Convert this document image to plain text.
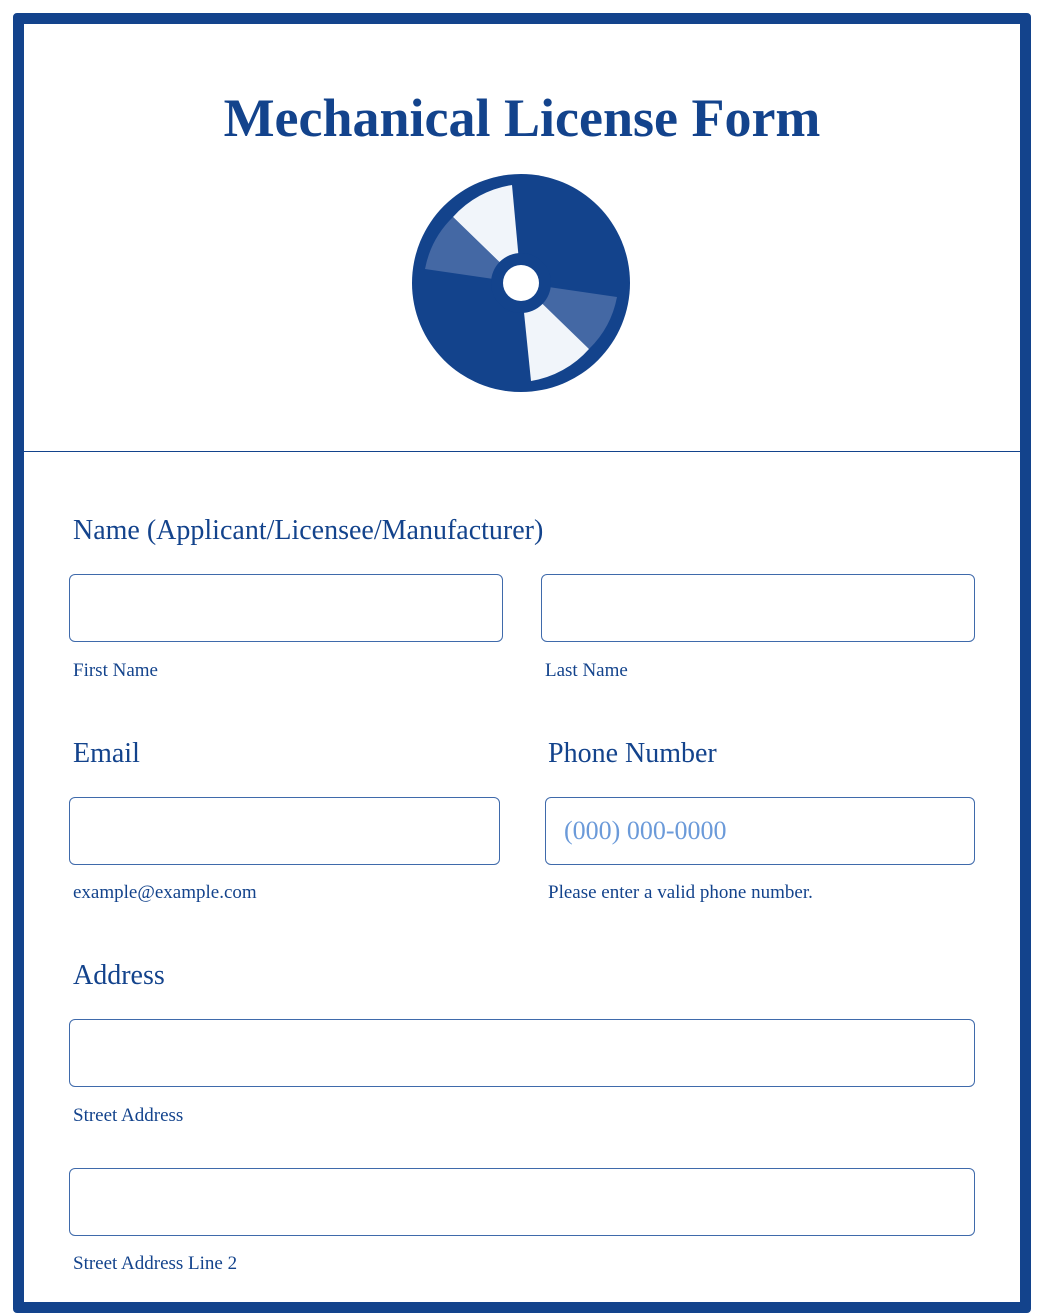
Mechanical License Form
Name (Applicant/Licensee/Manufacturer)
First Name	Last Name
Email
example@example.com
Phone Number
(000) 000-0000
Please enter a valid phone number.
Address
Street Address
Street Address Line 2
